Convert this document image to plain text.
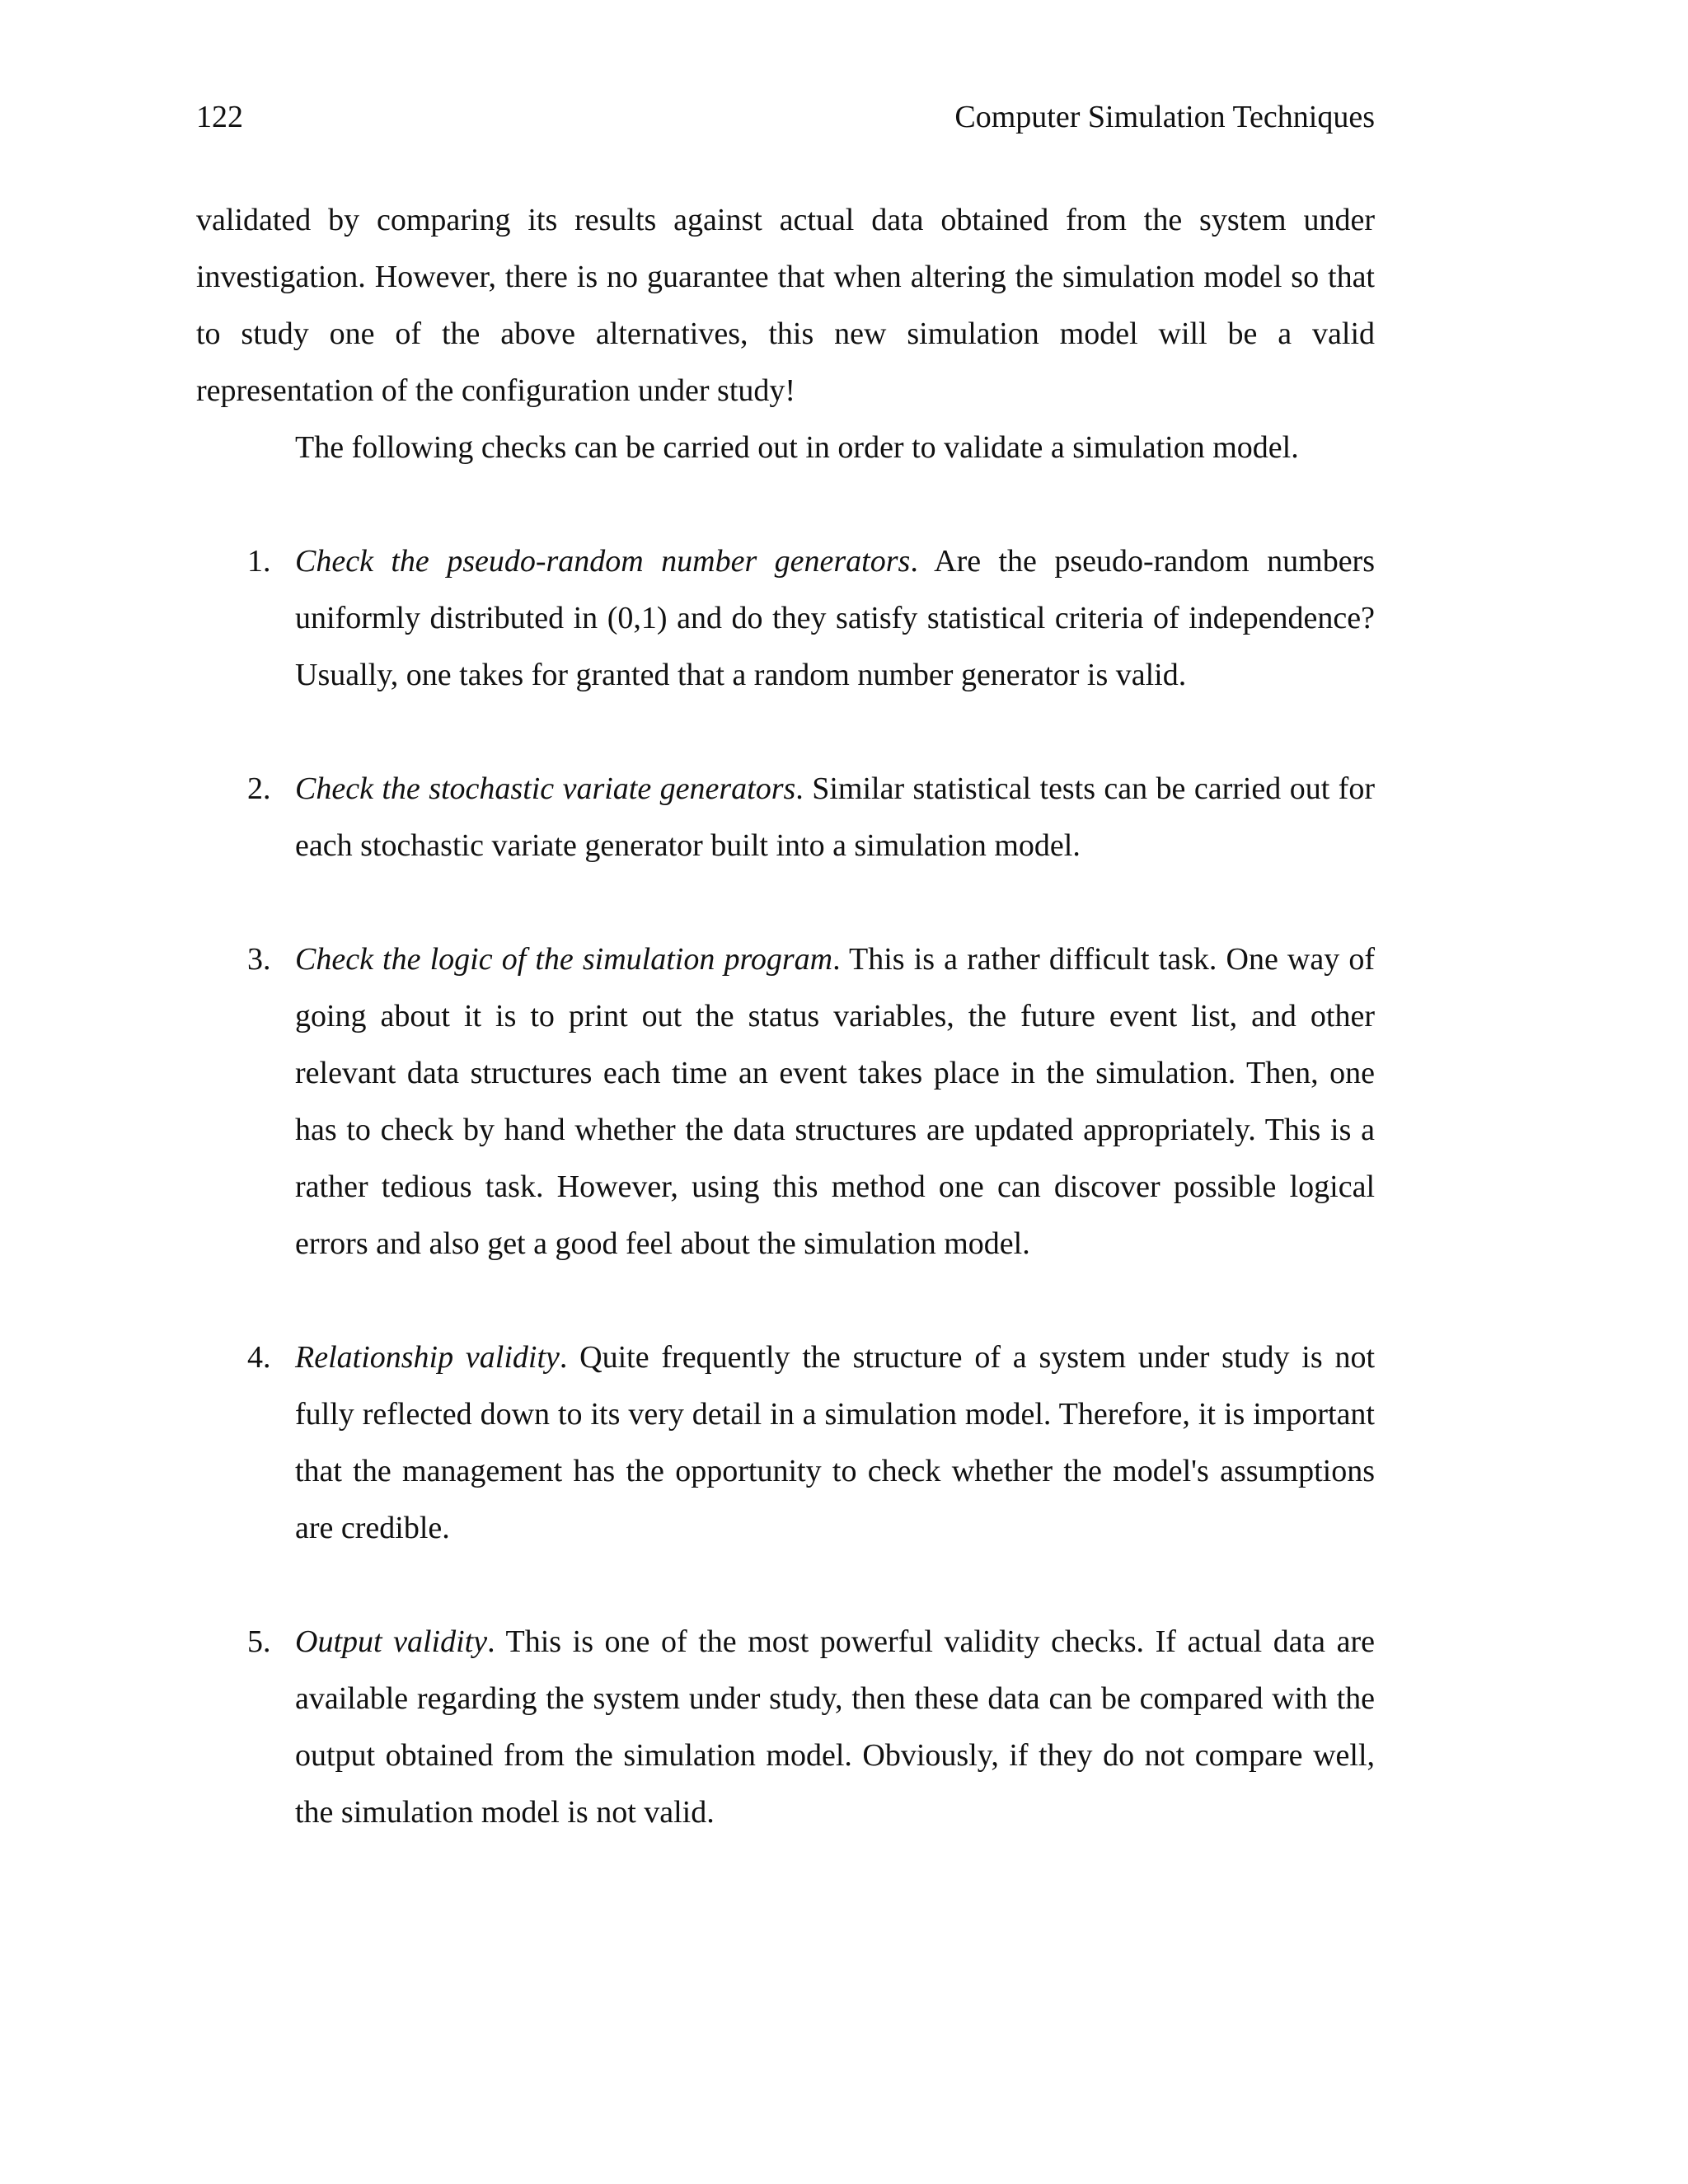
122	Computer Simulation Techniques

validated by comparing its results against actual data obtained from the system under investigation. However, there is no guarantee that when altering the simulation model so that to study one of the above alternatives, this new simulation model will be a valid representation of the configuration under study!

The following checks can be carried out in order to validate a simulation model.

1. Check the pseudo-random number generators. Are the pseudo-random numbers uniformly distributed in (0,1) and do they satisfy statistical criteria of independence? Usually, one takes for granted that a random number generator is valid.
2. Check the stochastic variate generators. Similar statistical tests can be carried out for each stochastic variate generator built into a simulation model.
3. Check the logic of the simulation program. This is a rather difficult task. One way of going about it is to print out the status variables, the future event list, and other relevant data structures each time an event takes place in the simulation. Then, one has to check by hand whether the data structures are updated appropriately. This is a rather tedious task. However, using this method one can discover possible logical errors and also get a good feel about the simulation model.
4. Relationship validity. Quite frequently the structure of a system under study is not fully reflected down to its very detail in a simulation model. Therefore, it is important that the management has the opportunity to check whether the model's assumptions are credible.
5. Output validity. This is one of the most powerful validity checks. If actual data are available regarding the system under study, then these data can be compared with the output obtained from the simulation model. Obviously, if they do not compare well, the simulation model is not valid.
